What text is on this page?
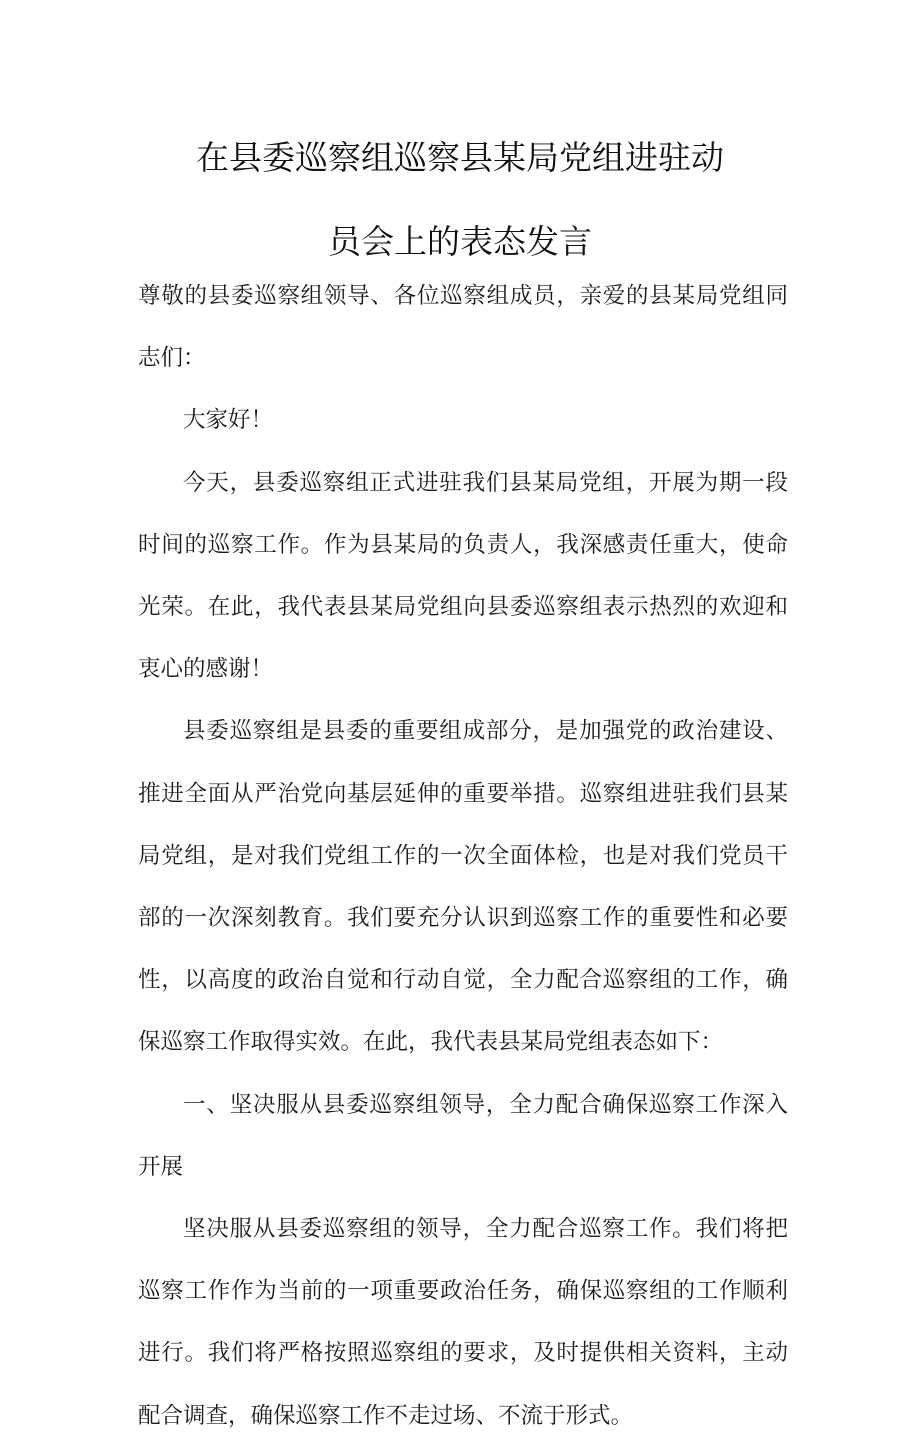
在县委巡察组巡察县某局党组进驻动
员会上的表态发言

尊敬的县委巡察组领导、各位巡察组成员，亲爱的县某局党组同志们：

大家好！

今天，县委巡察组正式进驻我们县某局党组，开展为期一段时间的巡察工作。作为县某局的负责人，我深感责任重大，使命光荣。在此，我代表县某局党组向县委巡察组表示热烈的欢迎和衷心的感谢！

县委巡察组是县委的重要组成部分，是加强党的政治建设、推进全面从严治党向基层延伸的重要举措。巡察组进驻我们县某局党组，是对我们党组工作的一次全面体检，也是对我们党员干部的一次深刻教育。我们要充分认识到巡察工作的重要性和必要性，以高度的政治自觉和行动自觉，全力配合巡察组的工作，确保巡察工作取得实效。在此，我代表县某局党组表态如下：

一、坚决服从县委巡察组领导，全力配合确保巡察工作深入开展

坚决服从县委巡察组的领导，全力配合巡察工作。我们将把巡察工作作为当前的一项重要政治任务，确保巡察组的工作顺利进行。我们将严格按照巡察组的要求，及时提供相关资料，主动配合调查，确保巡察工作不走过场、不流于形式。
